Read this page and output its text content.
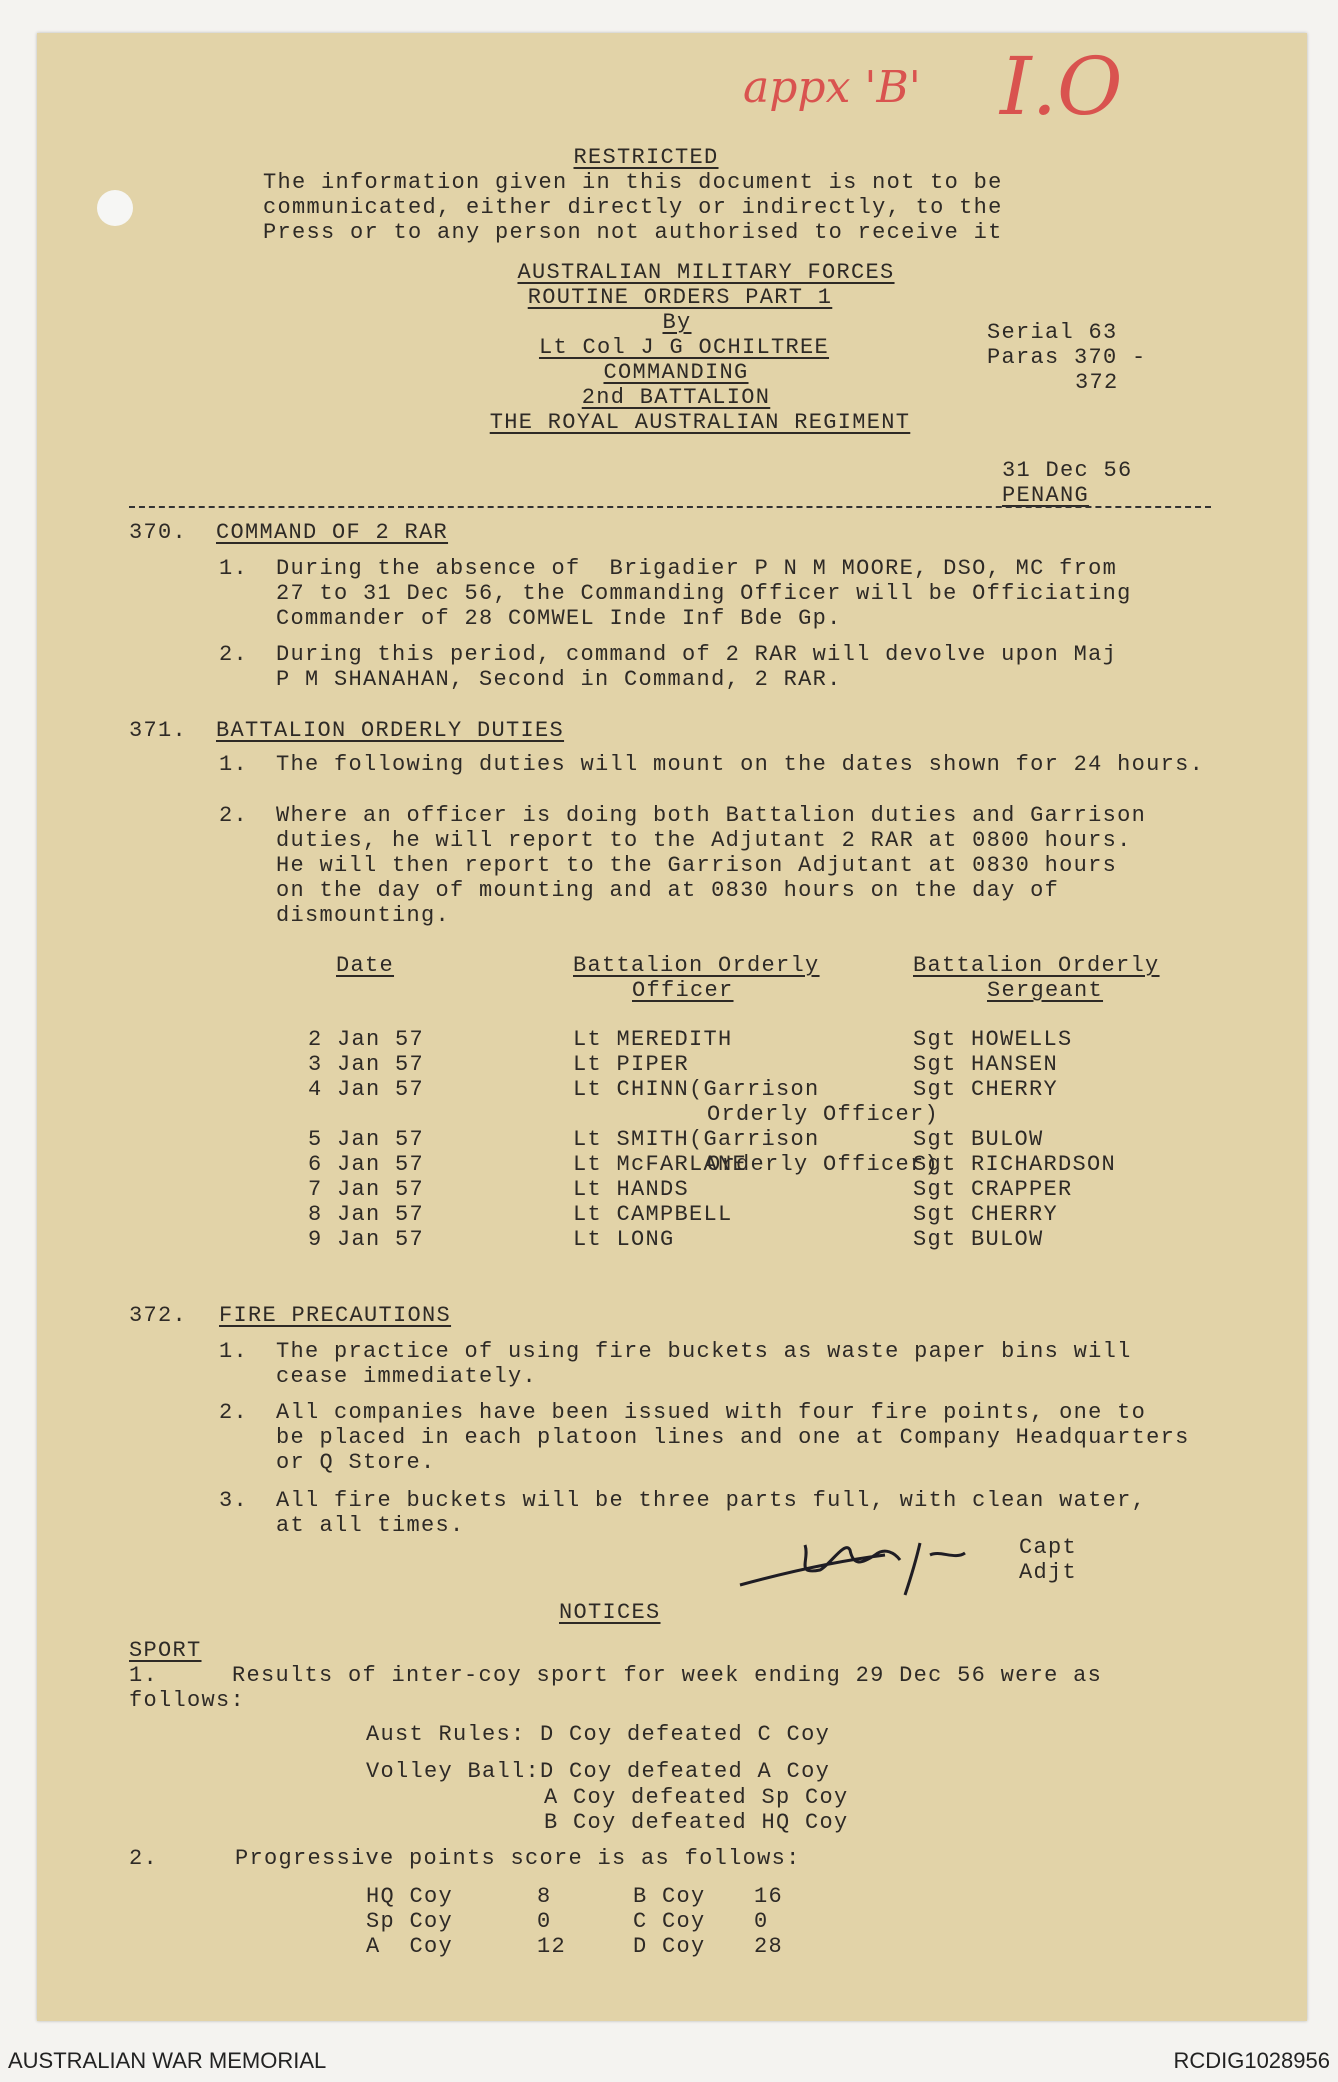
appx 'B' I.O
RESTRICTED
The information given in this document is not to be
communicated, either directly or indirectly, to the
Press or to any person not authorised to receive it
AUSTRALIAN MILITARY FORCES
ROUTINE ORDERS PART 1
By
Lt Col J G OCHILTREE
COMMANDING
2nd BATTALION
THE ROYAL AUSTRALIAN REGIMENT
Serial 63
Paras 370 -
372
31 Dec 56
PENANG
370. COMMAND OF 2 RAR
1. During the absence of  Brigadier P N M MOORE, DSO, MC from
27 to 31 Dec 56, the Commanding Officer will be Officiating
Commander of 28 COMWEL Inde Inf Bde Gp.
2. During this period, command of 2 RAR will devolve upon Maj
P M SHANAHAN, Second in Command, 2 RAR.
371. BATTALION ORDERLY DUTIES
1. The following duties will mount on the dates shown for 24 hours.
2. Where an officer is doing both Battalion duties and Garrison
duties, he will report to the Adjutant 2 RAR at 0800 hours.
He will then report to the Garrison Adjutant at 0830 hours
on the day of mounting and at 0830 hours on the day of
dismounting.
Date	Battalion Orderly
Officer
Battalion Orderly
Sergeant
2 Jan 57	Lt MEREDITH	Sgt HOWELLS
3 Jan 57	Lt PIPER	Sgt HANSEN
4 Jan 57	Lt CHINN(Garrison	Sgt CHERRY
Orderly Officer)
5 Jan 57	Lt SMITH(Garrison	Sgt BULOW
Orderly Officer)
6 Jan 57	Lt McFARLANE	Sgt RICHARDSON
7 Jan 57	Lt HANDS	Sgt CRAPPER
8 Jan 57	Lt CAMPBELL	Sgt CHERRY
9 Jan 57	Lt LONG	Sgt BULOW
372. FIRE PRECAUTIONS
1. The practice of using fire buckets as waste paper bins will
cease immediately.
2. All companies have been issued with four fire points, one to
be placed in each platoon lines and one at Company Headquarters
or Q Store.
3. All fire buckets will be three parts full, with clean water,
at all times.
Capt
Adjt
NOTICES
SPORT
1.	Results of inter-coy sport for week ending 29 Dec 56 were as
follows:
Aust Rules: D Coy defeated C Coy
Volley Ball:D Coy defeated A Coy
A Coy defeated Sp Coy
B Coy defeated HQ Coy
2.	Progressive points score is as follows:
HQ Coy	8	B Coy 16
Sp Coy	0	C Coy 0
A  Coy	12	D Coy 28
AUSTRALIAN WAR MEMORIAL	RCDIG1028956
